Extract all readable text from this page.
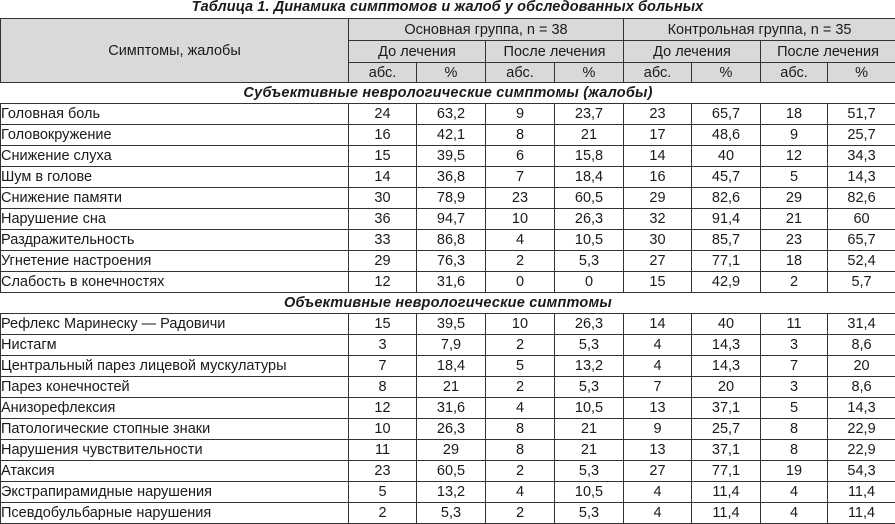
Таблица 1. Динамика симптомов и жалоб у обследованных больных
Симптомы, жалобы	Основная группа, n = 38				Контрольная группа, n = 35			
	До лечения		После лечения		До лечения		После лечения	
	абс.	%	абс.	%	абс.	%	абс.	%
Субъективные неврологические симптомы (жалобы)								
Головная боль	24	63,2	9	23,7	23	65,7	18	51,7
Головокружение	16	42,1	8	21	17	48,6	9	25,7
Снижение слуха	15	39,5	6	15,8	14	40	12	34,3
Шум в голове	14	36,8	7	18,4	16	45,7	5	14,3
Снижение памяти	30	78,9	23	60,5	29	82,6	29	82,6
Нарушение сна	36	94,7	10	26,3	32	91,4	21	60
Раздражительность	33	86,8	4	10,5	30	85,7	23	65,7
Угнетение настроения	29	76,3	2	5,3	27	77,1	18	52,4
Слабость в конечностях	12	31,6	0	0	15	42,9	2	5,7
Объективные неврологические симптомы								
Рефлекс Маринеску — Радовичи	15	39,5	10	26,3	14	40	11	31,4
Нистагм	3	7,9	2	5,3	4	14,3	3	8,6
Центральный парез лицевой мускулатуры	7	18,4	5	13,2	4	14,3	7	20
Парез конечностей	8	21	2	5,3	7	20	3	8,6
Анизорефлексия	12	31,6	4	10,5	13	37,1	5	14,3
Патологические стопные знаки	10	26,3	8	21	9	25,7	8	22,9
Нарушения чувствительности	11	29	8	21	13	37,1	8	22,9
Атаксия	23	60,5	2	5,3	27	77,1	19	54,3
Экстрапирамидные нарушения	5	13,2	4	10,5	4	11,4	4	11,4
Псевдобульбарные нарушения	2	5,3	2	5,3	4	11,4	4	11,4
